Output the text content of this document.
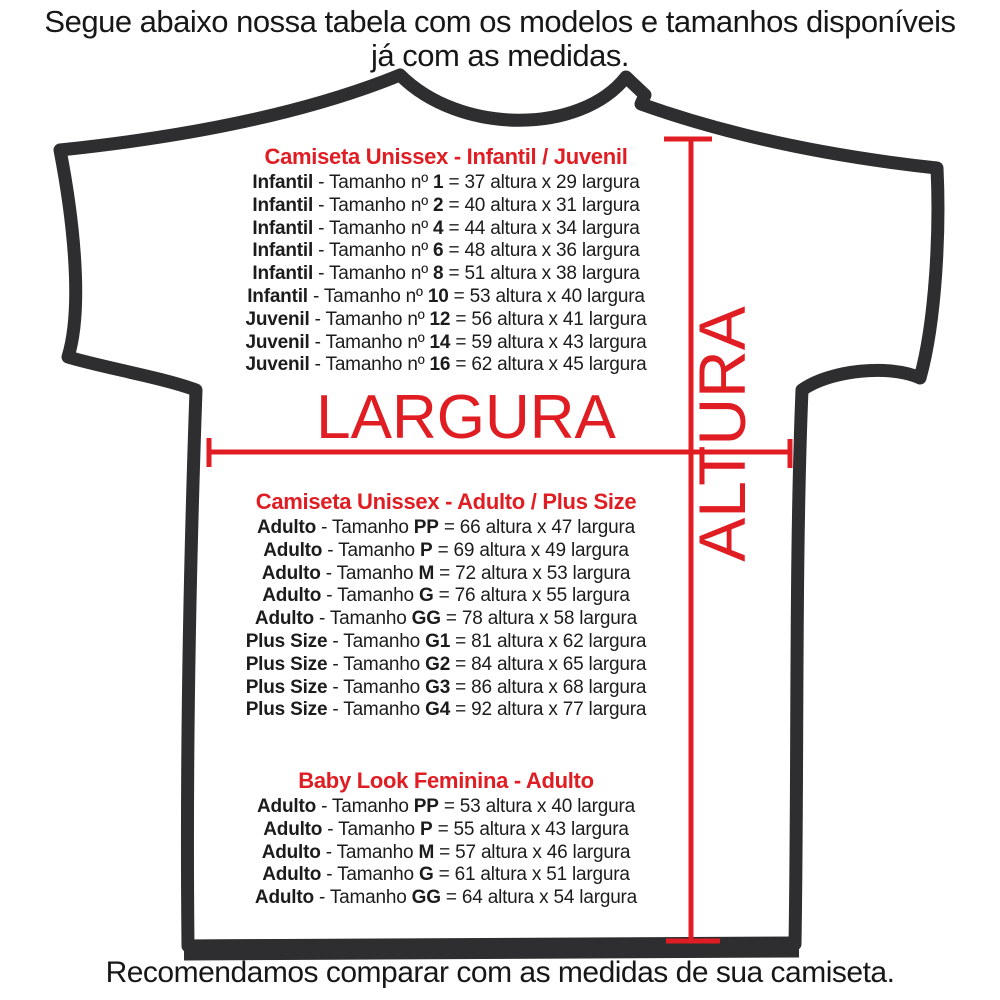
Segue abaixo nossa tabela com os modelos e tamanhos disponíveis
já com as medidas.
Camiseta Unissex - Infantil / Juvenil
Infantil - Tamanho nº 1 = 37 altura x 29 largura
Infantil - Tamanho nº 2 = 40 altura x 31 largura
Infantil - Tamanho nº 4 = 44 altura x 34 largura
Infantil - Tamanho nº 6 = 48 altura x 36 largura
Infantil - Tamanho nº 8 = 51 altura x 38 largura
Infantil - Tamanho nº 10 = 53 altura x 40 largura
Juvenil - Tamanho nº 12 = 56 altura x 41 largura
Juvenil - Tamanho nº 14 = 59 altura x 43 largura
Juvenil - Tamanho nº 16 = 62 altura x 45 largura
LARGURA
Camiseta Unissex - Adulto / Plus Size
Adulto - Tamanho PP = 66 altura x 47 largura
Adulto - Tamanho P = 69 altura x 49 largura
Adulto - Tamanho M = 72 altura x 53 largura
Adulto - Tamanho G = 76 altura x 55 largura
Adulto - Tamanho GG = 78 altura x 58 largura
Plus Size - Tamanho G1 = 81 altura x 62 largura
Plus Size - Tamanho G2 = 84 altura x 65 largura
Plus Size - Tamanho G3 = 86 altura x 68 largura
Plus Size - Tamanho G4 = 92 altura x 77 largura
Baby Look Feminina - Adulto
Adulto - Tamanho PP = 53 altura x 40 largura
Adulto - Tamanho P = 55 altura x 43 largura
Adulto - Tamanho M = 57 altura x 46 largura
Adulto - Tamanho G = 61 altura x 51 largura
Adulto - Tamanho GG = 64 altura x 54 largura
ALTURA
Recomendamos comparar com as medidas de sua camiseta.
